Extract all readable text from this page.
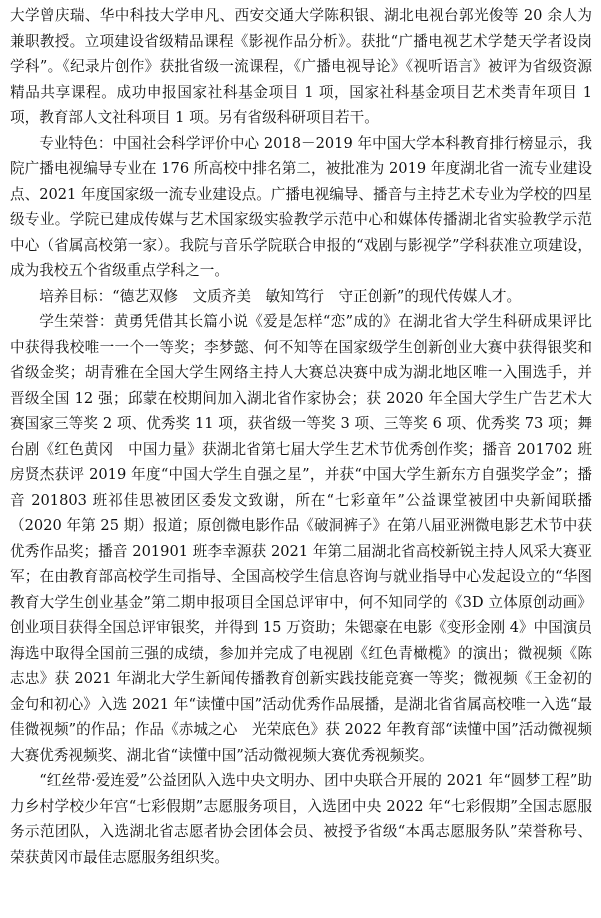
大学曾庆瑞、华中科技大学申凡、西安交通大学陈积银、湖北电视台郭光俊等 20 余人为兼职教授。立项建设省级精品课程《影视作品分析》。获批“广播电视艺术学楚天学者设岗学科”。《纪录片创作》获批省级一流课程，《广播电视导论》《视听语言》被评为省级资源精品共享课程。成功申报国家社科基金项目 1 项，国家社科基金项目艺术类青年项目 1 项，教育部人文社科项目 1 项。另有省级科研项目若干。

专业特色：中国社会科学评价中心 2018－2019 年中国大学本科教育排行榜显示，我院广播电视编导专业在 176 所高校中排名第二，被批准为 2019 年度湖北省一流专业建设点、2021 年度国家级一流专业建设点。广播电视编导、播音与主持艺术专业为学校的四星级专业。学院已建成传媒与艺术国家级实验教学示范中心和媒体传播湖北省实验教学示范中心（省属高校第一家）。我院与音乐学院联合申报的“戏剧与影视学”学科获准立项建设，成为我校五个省级重点学科之一。

培养目标：“德艺双修　文质齐美　敏知笃行　守正创新”的现代传媒人才。

学生荣誉：黄勇凭借其长篇小说《爱是怎样“恋”成的》在湖北省大学生科研成果评比中获得我校唯一一个一等奖；李梦懿、何不知等在国家级学生创新创业大赛中获得银奖和省级金奖；胡青雅在全国大学生网络主持人大赛总决赛中成为湖北地区唯一入围选手，并晋级全国 12 强；邱蒙在校期间加入湖北省作家协会；获 2020 年全国大学生广告艺术大赛国家三等奖 2 项、优秀奖 11 项，获省级一等奖 3 项、三等奖 6 项、优秀奖 73 项；舞台剧《红色黄冈　中国力量》获湖北省第七届大学生艺术节优秀创作奖；播音 201702 班房贤杰获评 2019 年度“中国大学生自强之星”，并获“中国大学生新东方自强奖学金”；播音 201803 班祁佳思被团区委发文致谢，所在“七彩童年”公益课堂被团中央新闻联播（2020 年第 25 期）报道；原创微电影作品《破洞裤子》在第八届亚洲微电影艺术节中获优秀作品奖；播音 201901 班李幸源获 2021 年第二届湖北省高校新锐主持人风采大赛亚军；在由教育部高校学生司指导、全国高校学生信息咨询与就业指导中心发起设立的“华图教育大学生创业基金”第二期申报项目全国总评审中，何不知同学的《3D 立体原创动画》创业项目获得全国总评审银奖，并得到 15 万资助；朱锶豪在电影《变形金刚 4》中国演员海选中取得全国前三强的成绩，参加并完成了电视剧《红色青橄榄》的演出；微视频《陈志忠》获 2021 年湖北大学生新闻传播教育创新实践技能竞赛一等奖；微视频《王金初的金句和初心》入选 2021 年“读懂中国”活动优秀作品展播，是湖北省省属高校唯一入选“最佳微视频”的作品；作品《赤城之心　光荣底色》获 2022 年教育部“读懂中国”活动微视频大赛优秀视频奖、湖北省“读懂中国”活动微视频大赛优秀视频奖。

“红丝带·爱连爱”公益团队入选中央文明办、团中央联合开展的 2021 年“圆梦工程”助力乡村学校少年宫“七彩假期”志愿服务项目，入选团中央 2022 年“七彩假期”全国志愿服务示范团队，入选湖北省志愿者协会团体会员、被授予省级“本禹志愿服务队”荣誉称号、荣获黄冈市最佳志愿服务组织奖。
